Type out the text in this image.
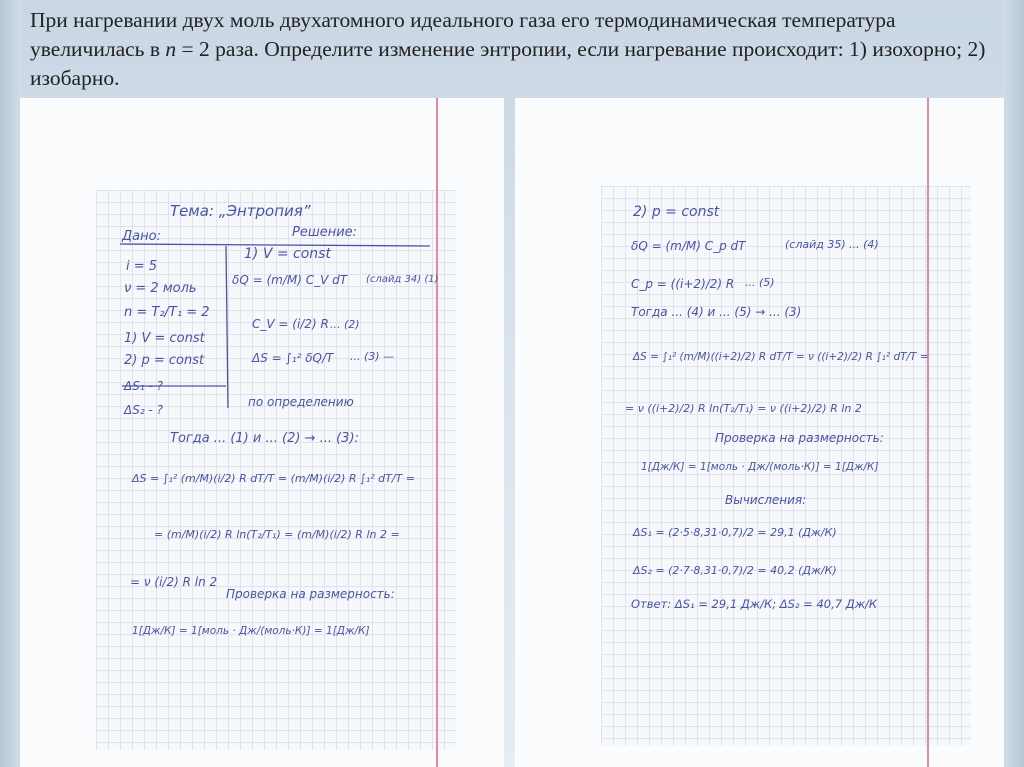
При нагревании двух моль двухатомного идеального газа его термодинамическая температура увеличилась в n = 2 раза. Определите изменение энтропии, если нагревание происходит: 1) изохорно; 2) изобарно.
Тема: „Энтропия”
Дано:	Решение:
i = 5
ν = 2 моль
n = T₂/T₁ = 2
1) V = const
2) p = const
ΔS₁ - ?
ΔS₂ - ?
1) V = const
δQ = (m/M) C_V dT (слайд 34) (1)
C_V = (i/2) R ... (2)
ΔS = ∫₁² δQ/T ... (3) —
по определению
Тогда ... (1) и ... (2) → ... (3):
ΔS = ∫₁² (m/M)(i/2) R dT/T = (m/M)(i/2) R ∫₁² dT/T =
= (m/M)(i/2) R ln(T₂/T₁) = (m/M)(i/2) R ln 2 =
= ν (i/2) R ln 2
Проверка на размерность:
1[Дж/К] = 1[моль · Дж/(моль·К)] = 1[Дж/К]
2) p = const
δQ = (m/M) C_p dT	(слайд 35) ... (4)
C_p = ((i+2)/2) R ... (5)
Тогда ... (4) и ... (5) → ... (3)
ΔS = ∫₁² (m/M)((i+2)/2) R dT/T = ν ((i+2)/2) R ∫₁² dT/T =
= ν ((i+2)/2) R ln(T₂/T₁) = ν ((i+2)/2) R ln 2
Проверка на размерность:
1[Дж/К] = 1[моль · Дж/(моль·К)] = 1[Дж/К]
Вычисления:
ΔS₁ = (2·5·8,31·0,7)/2 = 29,1 (Дж/К)
ΔS₂ = (2·7·8,31·0,7)/2 = 40,2 (Дж/К)
Ответ: ΔS₁ = 29,1 Дж/К; ΔS₂ = 40,7 Дж/К
